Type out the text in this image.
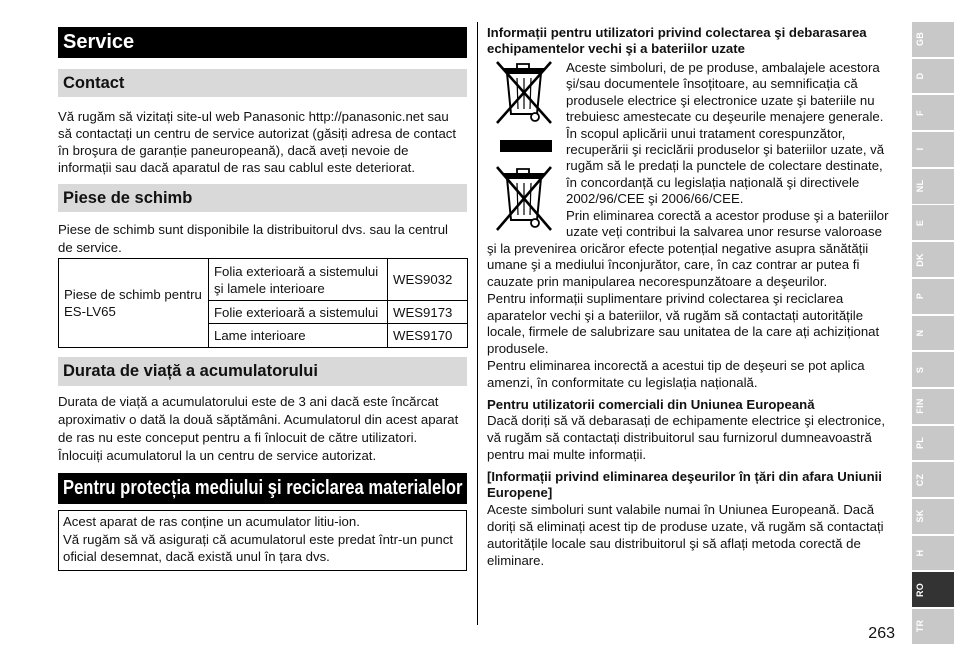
Service
Contact
Vă rugăm să vizitați site-ul web Panasonic http://panasonic.net sau
să contactați un centru de service autorizat (găsiți adresa de contact
în broşura de garanție paneuropeană), dacă aveți nevoie de
informații sau dacă aparatul de ras sau cablul este deteriorat.
Piese de schimb
Piese de schimb sunt disponibile la distribuitorul dvs. sau la centrul
de service.
Piese de schimb pentru
ES-LV65	Folia exterioară a sistemului
şi lamele interioare	WES9032
	Folie exterioară a sistemului	WES9173
	Lame interioare	WES9170
Durata de viață a acumulatorului
Durata de viață a acumulatorului este de 3 ani dacă este încărcat
aproximativ o dată la două săptămâni. Acumulatorul din acest aparat
de ras nu este conceput pentru a fi înlocuit de către utilizatori.
Înlocuiți acumulatorul la un centru de service autorizat.
Pentru protecția mediului şi reciclarea materialelor
Acest aparat de ras conține un acumulator litiu-ion.
Vă rugăm să vă asigurați că acumulatorul este predat într-un punct
oficial desemnat, dacă există unul în țara dvs.
Informații pentru utilizatori privind colectarea şi debarasarea
echipamentelor vechi şi a bateriilor uzate
Aceste simboluri, de pe produse, ambalajele acestora
şi/sau documentele însoțitoare, au semnificația că
produsele electrice şi electronice uzate şi bateriile nu
trebuiesc amestecate cu deşeurile menajere generale.
În scopul aplicării unui tratament corespunzător,
recuperării şi reciclării produselor şi bateriilor uzate, vă
rugăm să le predați la punctele de colectare destinate,
în concordanță cu legislația națională şi directivele
2002/96/CEE şi 2006/66/CEE.
Prin eliminarea corectă a acestor produse şi a bateriilor
uzate veți contribui la salvarea unor resurse valoroase
şi la prevenirea oricăror efecte potențial negative asupra sănătății
umane şi a mediului înconjurător, care, în caz contrar ar putea fi
cauzate prin manipularea necorespunzătoare a deşeurilor.
Pentru informații suplimentare privind colectarea şi reciclarea
aparatelor vechi şi a bateriilor, vă rugăm să contactați autoritățile
locale, firmele de salubrizare sau unitatea de la care ați achiziționat
produsele.
Pentru eliminarea incorectă a acestui tip de deşeuri se pot aplica
amenzi, în conformitate cu legislația națională.
Pentru utilizatorii comerciali din Uniunea Europeană
Dacă doriți să vă debarasați de echipamente electrice şi electronice,
vă rugăm să contactați distribuitorul sau furnizorul dumneavoastră
pentru mai multe informații.
[Informații privind eliminarea deşeurilor în țări din afara Uniunii
Europene]
Aceste simboluri sunt valabile numai în Uniunea Europeană. Dacă
doriți să eliminați acest tip de produse uzate, vă rugăm să contactați
autoritățile locale sau distribuitorul şi să aflați metoda corectă de
eliminare.
263
GB
D
F
I
NL
E
DK
P
N
S
FIN
PL
CZ
SK
H
RO
TR
